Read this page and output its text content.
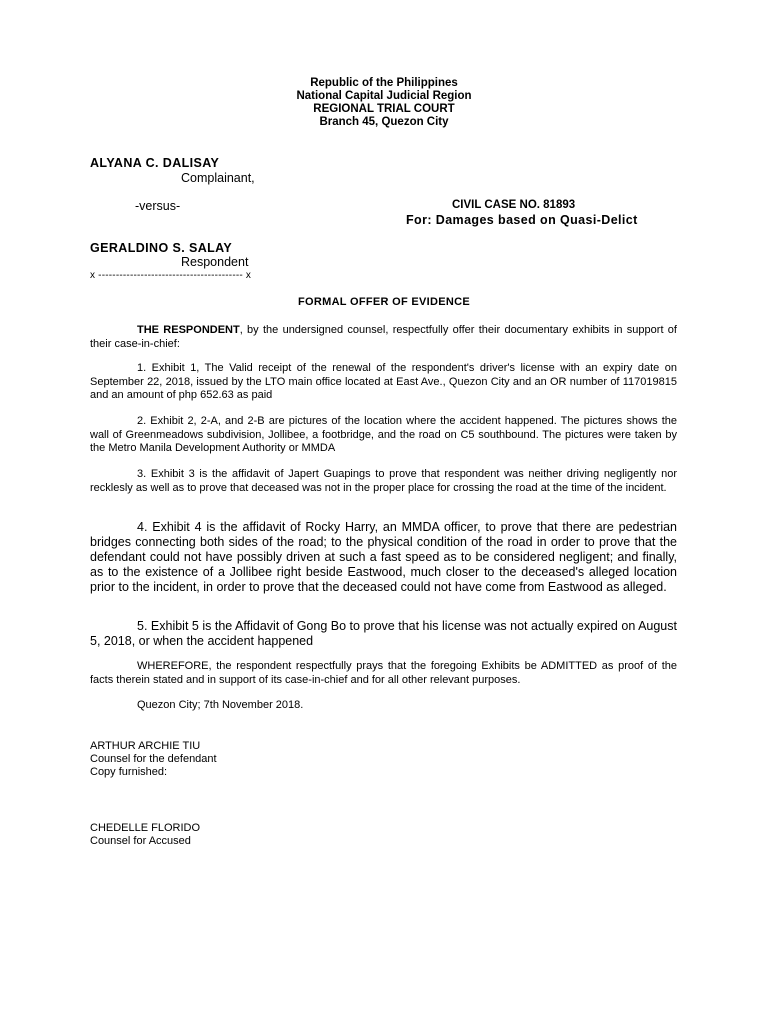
Republic of the Philippines
National Capital Judicial Region
REGIONAL TRIAL COURT
Branch 45, Quezon City
ALYANA C. DALISAY
Complainant,
-versus-	CIVIL CASE NO. 81893
For: Damages based on Quasi-Delict
GERALDINO S. SALAY
Respondent
x ----------------------------------------- x
FORMAL OFFER OF EVIDENCE

THE RESPONDENT, by the undersigned counsel, respectfully offer their documentary exhibits in support of their case-in-chief:

1. Exhibit 1, The Valid receipt of the renewal of the respondent's driver's license with an expiry date on September 22, 2018, issued by the LTO main office located at East Ave., Quezon City and an OR number of 117019815 and an amount of php 652.63 as paid

2. Exhibit 2, 2-A, and 2-B are pictures of the location where the accident happened. The pictures shows the wall of Greenmeadows subdivision, Jollibee, a footbridge, and the road on C5 southbound. The pictures were taken by the Metro Manila Development Authority or MMDA

3. Exhibit 3 is the affidavit of Japert Guapings to prove that respondent was neither driving negligently nor recklesly as well as to prove that deceased was not in the proper place for crossing the road at the time of the incident.

4. Exhibit 4 is the affidavit of Rocky Harry, an MMDA officer, to prove that there are pedestrian bridges connecting both sides of the road; to the physical condition of the road in order to prove that the defendant could not have possibly driven at such a fast speed as to be considered negligent; and finally, as to the existence of a Jollibee right beside Eastwood, much closer to the deceased's alleged location prior to the incident, in order to prove that the deceased could not have come from Eastwood as alleged.

5. Exhibit 5 is the Affidavit of Gong Bo to prove that his license was not actually expired on August 5, 2018, or when the accident happened

WHEREFORE, the respondent respectfully prays that the foregoing Exhibits be ADMITTED as proof of the facts therein stated and in support of its case-in-chief and for all other relevant purposes.

Quezon City; 7th November 2018.
ARTHUR ARCHIE TIU
Counsel for the defendant
Copy furnished:
CHEDELLE FLORIDO
Counsel for Accused
